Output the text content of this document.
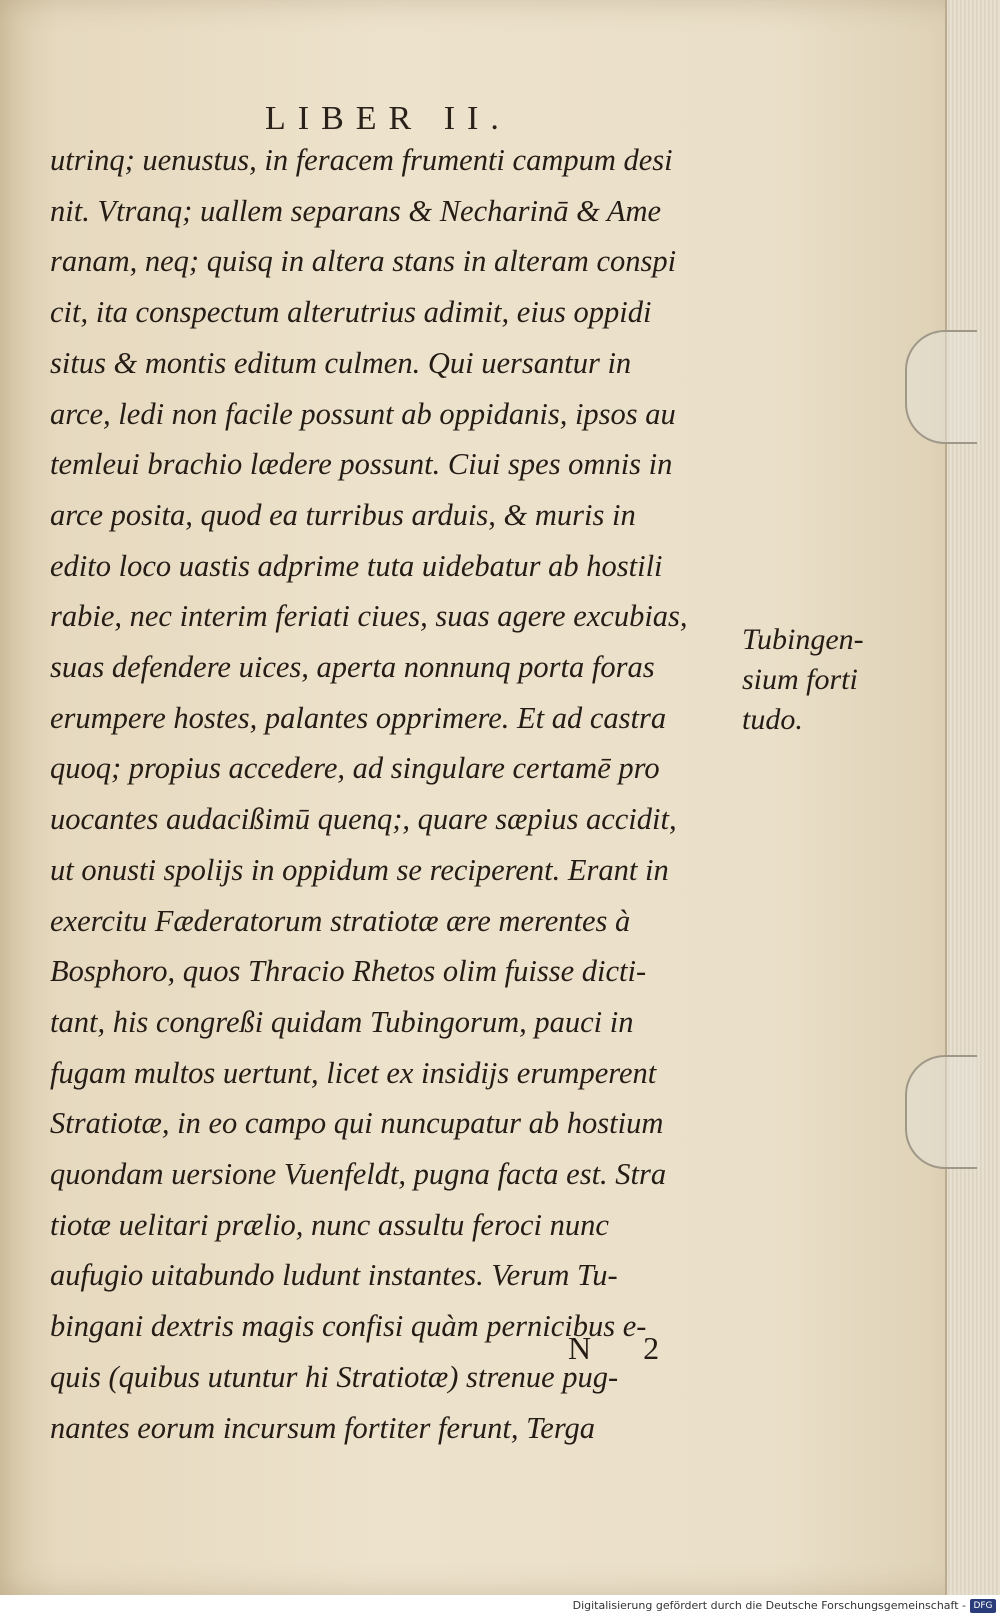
LIBER II.
utrinq; uenustus, in feracem frumenti campum desi
nit. Vtranq; uallem separans & Necharinā & Ame
ranam, neq; quisq in altera stans in alteram conspi
cit, ita conspectum alterutrius adimit, eius oppidi
situs & montis editum culmen. Qui uersantur in
arce, ledi non facile possunt ab oppidanis, ipsos au
temleui brachio lædere possunt. Ciui spes omnis in
arce posita, quod ea turribus arduis, & muris in
edito loco uastis adprime tuta uidebatur ab hostili
rabie, nec interim feriati ciues, suas agere excubias,
suas defendere uices, aperta nonnunq porta foras
erumpere hostes, palantes opprimere. Et ad castra
quoq; propius accedere, ad singulare certamē pro
uocantes audacißimū quenq;, quare sæpius accidit,
ut onusti spolijs in oppidum se reciperent. Erant in
exercitu Fæderatorum stratiotæ ære merentes à
Bosphoro, quos Thracio Rhetos olim fuisse dicti-
tant, his congreßi quidam Tubingorum, pauci in
fugam multos uertunt, licet ex insidijs erumperent
Stratiotæ, in eo campo qui nuncupatur ab hostium
quondam uersione Vuenfeldt, pugna facta est. Stra
tiotæ uelitari prælio, nunc assultu feroci nunc
aufugio uitabundo ludunt instantes. Verum Tu-
bingani dextris magis confisi quàm pernicibus e-
quis (quibus utuntur hi Stratiotæ) strenue pug-
nantes eorum incursum fortiter ferunt, Terga
Tubingen-
sium forti
tudo.
N 2
Digitalisierung gefördert durch die Deutsche Forschungsgemeinschaft - DFG
